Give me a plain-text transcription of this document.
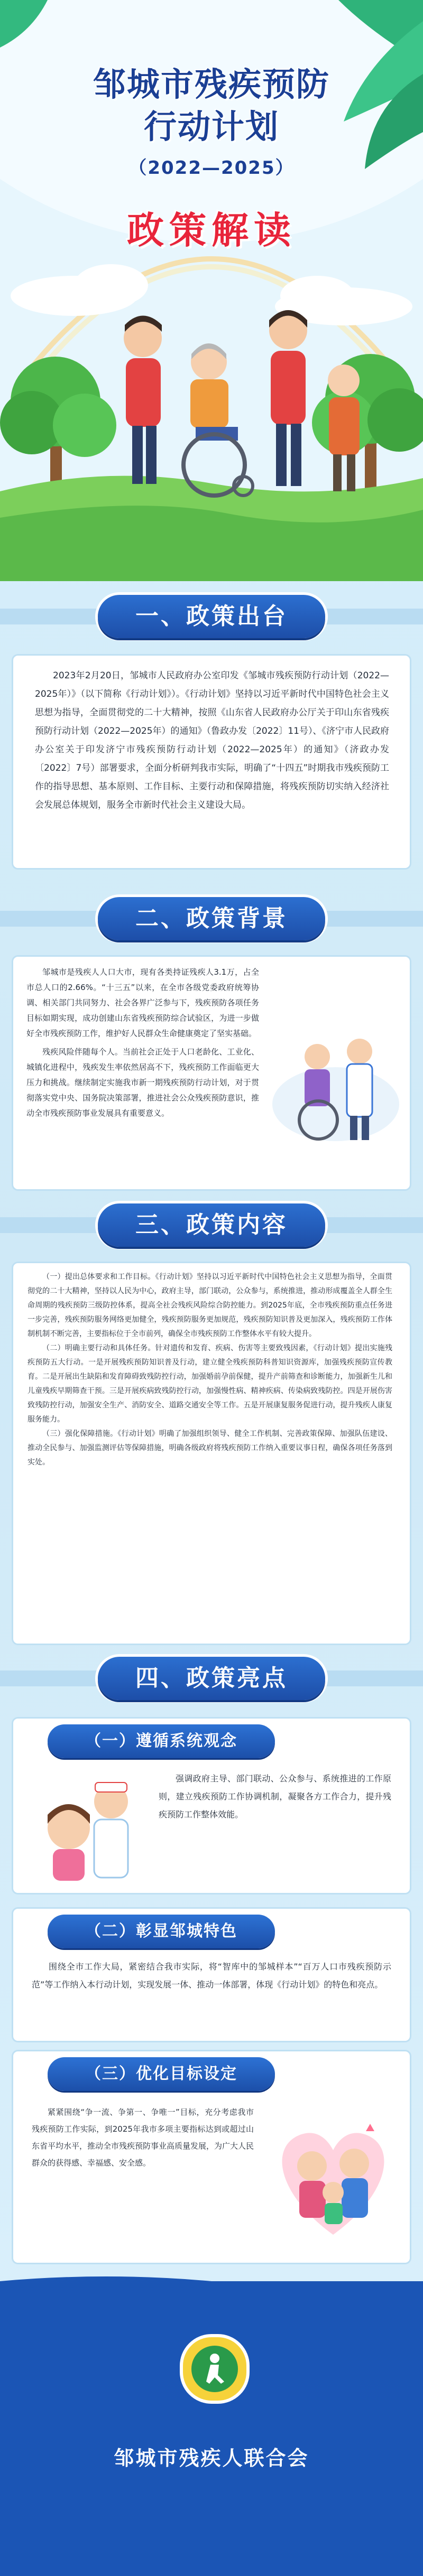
邹城市残疾预防
行动计划
（2022—2025）
政策解读
一、政策出台

2023年2月20日，邹城市人民政府办公室印发《邹城市残疾预防行动计划（2022—2025年）》（以下简称《行动计划》）。《行动计划》坚持以习近平新时代中国特色社会主义思想为指导，全面贯彻党的二十大精神，按照《山东省人民政府办公厅关于印山东省残疾预防行动计划（2022—2025年）的通知》（鲁政办发〔2022〕11号）、《济宁市人民政府办公室关于印发济宁市残疾预防行动计划（2022—2025年）的通知》（济政办发〔2022〕7号）部署要求，全面分析研判我市实际，明确了“十四五”时期我市残疾预防工作的指导思想、基本原则、工作目标、主要行动和保障措施，将残疾预防切实纳入经济社会发展总体规划，服务全市新时代社会主义建设大局。

二、政策背景

邹城市是残疾人人口大市，现有各类持证残疾人3.1万，占全市总人口的2.66%。“十三五”以来，在全市各级党委政府统筹协调、相关部门共同努力、社会各界广泛参与下，残疾预防各项任务目标如期实现，成功创建山东省残疾预防综合试验区，为进一步做好全市残疾预防工作，维护好人民群众生命健康奠定了坚实基础。

残疾风险伴随每个人。当前社会正处于人口老龄化、工业化、城镇化进程中，残疾发生率依然居高不下，残疾预防工作面临更大压力和挑战。继续制定实施我市新一期残疾预防行动计划，对于贯彻落实党中央、国务院决策部署，推进社会公众残疾预防意识，推动全市残疾预防事业发展具有重要意义。

三、政策内容

（一）提出总体要求和工作目标。《行动计划》坚持以习近平新时代中国特色社会主义思想为指导，全面贯彻党的二十大精神，坚持以人民为中心，政府主导，部门联动，公众参与，系统推进，推动形成覆盖全人群全生命周期的残疾预防三级防控体系，提高全社会残疾风险综合防控能力。到2025年底，全市残疾预防重点任务进一步完善，残疾预防服务网络更加健全，残疾预防服务更加规范，残疾预防知识普及更加深入，残疾预防工作体制机制不断完善，主要指标位于全市前列，确保全市残疾预防工作整体水平有较大提升。

（二）明确主要行动和具体任务。针对遗传和发育、疾病、伤害等主要致残因素，《行动计划》提出实施残疾预防五大行动。一是开展残疾预防知识普及行动，建立健全残疾预防科普知识资源库，加强残疾预防宣传教育。二是开展出生缺陷和发育障碍致残防控行动，加强婚前孕前保健，提升产前筛查和诊断能力，加强新生儿和儿童残疾早期筛查干预。三是开展疾病致残防控行动，加强慢性病、精神疾病、传染病致残防控。四是开展伤害致残防控行动，加强安全生产、消防安全、道路交通安全等工作。五是开展康复服务促进行动，提升残疾人康复服务能力。

（三）强化保障措施。《行动计划》明确了加强组织领导、健全工作机制、完善政策保障、加强队伍建设、推动全民参与、加强监测评估等保障措施，明确各级政府将残疾预防工作纳入重要议事日程，确保各项任务落到实处。

四、政策亮点
（一）遵循系统观念

强调政府主导、部门联动、公众参与、系统推进的工作原则，建立残疾预防工作协调机制，凝聚各方工作合力，提升残疾预防工作整体效能。

（二）彰显邹城特色

围绕全市工作大局，紧密结合我市实际，将“智库中的邹城样本”“百万人口市残疾预防示范”等工作纳入本行动计划，实现发展一体、推动一体部署，体现《行动计划》的特色和亮点。

（三）优化目标设定

紧紧围绕“争一流、争第一、争唯一”目标，充分考虑我市残疾预防工作实际，到2025年我市多项主要指标达到或超过山东省平均水平，推动全市残疾预防事业高质量发展，为广大人民群众的获得感、幸福感、安全感。

邹城市残疾人联合会
